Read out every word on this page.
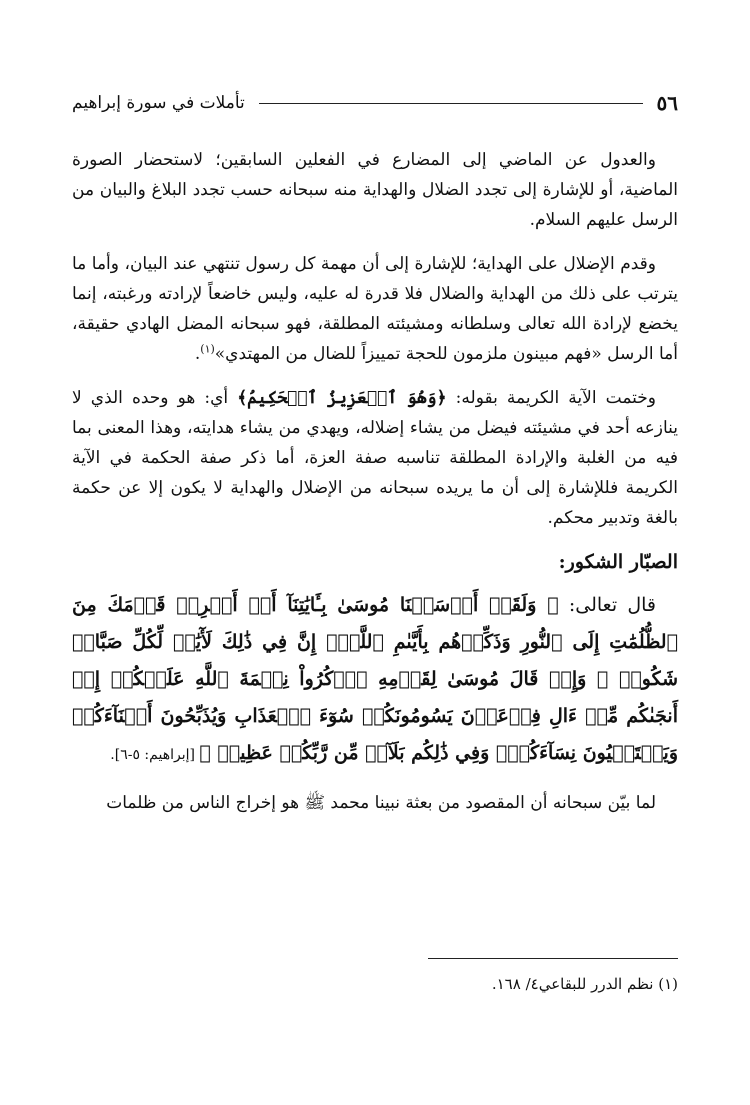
٥٦
تأملات في سورة إبراهيم

والعدول عن الماضي إلى المضارع في الفعلين السابقين؛ لاستحضار الصورة الماضية، أو للإشارة إلى تجدد الضلال والهداية منه سبحانه حسب تجدد البلاغ والبيان من الرسل عليهم السلام.

وقدم الإضلال على الهداية؛ للإشارة إلى أن مهمة كل رسول تنتهي عند البيان، وأما ما يترتب على ذلك من الهداية والضلال فلا قدرة له عليه، وليس خاضعاً لإرادته ورغبته، إنما يخضع لإرادة الله تعالى وسلطانه ومشيئته المطلقة، فهو سبحانه المضل الهادي حقيقة، أما الرسل «فهم مبينون ملزمون للحجة تمييزاً للضال من المهتدي»$^{(١)}$.

وختمت الآية الكريمة بقوله: ﴿وَهُوَ ٱلۡعَزِيزُ ٱلۡحَكِيمُ﴾ أي: هو وحده الذي لا ينازعه أحد في مشيئته فيضل من يشاء إضلاله، ويهدي من يشاء هدايته، وهذا المعنى بما فيه من الغلبة والإرادة المطلقة تناسبه صفة العزة، أما ذكر صفة الحكمة في الآية الكريمة فللإشارة إلى أن ما يريده سبحانه من الإضلال والهداية لا يكون إلا عن حكمة بالغة وتدبير محكم.

الصبّار الشكور:

قال تعالى: ﴿ وَلَقَدۡ أَرۡسَلۡنَا مُوسَىٰ بِـَٔايَٰتِنَآ أَنۡ أَخۡرِجۡ قَوۡمَكَ مِنَ ٱلظُّلُمَٰتِ إِلَى ٱلنُّورِ وَذَكِّرۡهُم بِأَيَّىٰمِ ٱللَّهِۚ إِنَّ فِي ذَٰلِكَ لَأٓيَٰتٖ لِّكُلِّ صَبَّارٖ شَكُورٖ ۞ وَإِذۡ قَالَ مُوسَىٰ لِقَوۡمِهِ ٱذۡكُرُواْ نِعۡمَةَ ٱللَّهِ عَلَيۡكُمۡ إِذۡ أَنجَىٰكُم مِّنۡ ءَالِ فِرۡعَوۡنَ يَسُومُونَكُمۡ سُوٓءَ ٱلۡعَذَابِ وَيُذَبِّحُونَ أَبۡنَآءَكُمۡ وَيَسۡتَحۡيُونَ نِسَآءَكُمۡۚ وَفِي ذَٰلِكُم بَلَآءٞ مِّن رَّبِّكُمۡ عَظِيمٞ ﴾ [إبراهيم: ٥-٦].

لما بيّن سبحانه أن المقصود من بعثة نبينا محمد ﷺ هو إخراج الناس من ظلمات

(١) نظم الدرر للبقاعي٤/ ١٦٨.
